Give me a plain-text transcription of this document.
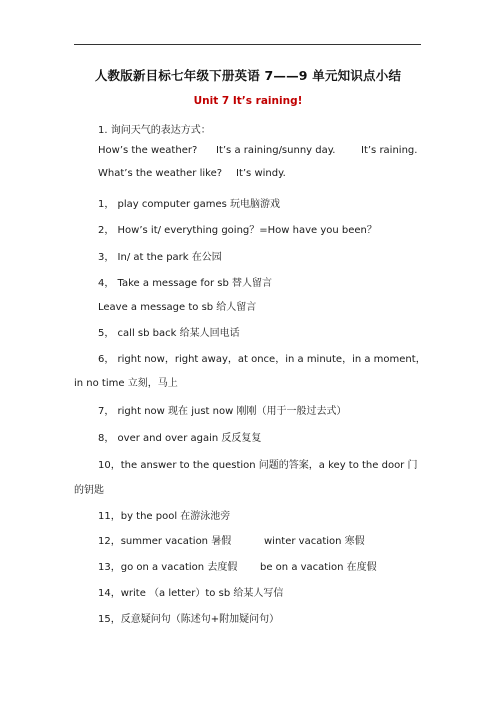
人教版新目标七年级下册英语 7——9 单元知识点小结
Unit 7 It’s raining!
1. 询问天气的表达方式：
How’s the weather? It’s a raining/sunny day.	It’s raining.
What’s the weather like? It’s windy.
1， play computer games 玩电脑游戏
2， How’s it/ everything going？=How have you been？
3， In/ at the park 在公园
4， Take a message for sb 替人留言
Leave a message to sb 给人留言
5， call sb back 给某人回电话
6， right now，right away，at once，in a minute，in a moment，
in no time 立刻，马上
7， right now 现在 just now 刚刚（用于一般过去式）
8， over and over again 反反复复
10，the answer to the question 问题的答案，a key to the door 门
的钥匙
11，by the pool 在游泳池旁
12，summer vacation 暑假	winter vacation 寒假
13，go on a vacation 去度假 be on a vacation 在度假
14，write （a letter）to sb 给某人写信
15，反意疑问句（陈述句+附加疑问句）
